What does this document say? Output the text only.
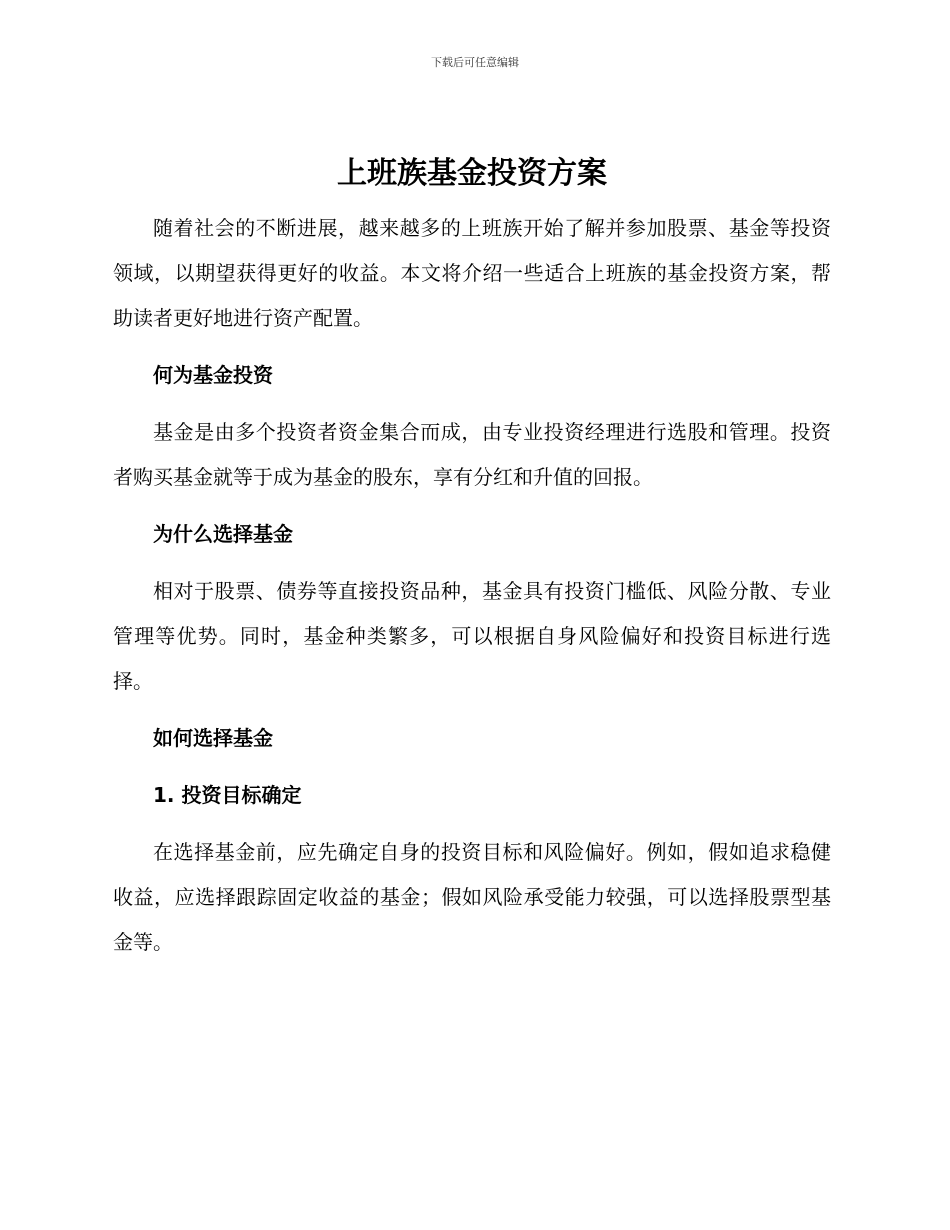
下载后可任意编辑
上班族基金投资方案

随着社会的不断进展，越来越多的上班族开始了解并参加股票、基金等投资领域，以期望获得更好的收益。本文将介绍一些适合上班族的基金投资方案，帮助读者更好地进行资产配置。

何为基金投资

基金是由多个投资者资金集合而成，由专业投资经理进行选股和管理。投资者购买基金就等于成为基金的股东，享有分红和升值的回报。

为什么选择基金

相对于股票、债券等直接投资品种，基金具有投资门槛低、风险分散、专业管理等优势。同时，基金种类繁多，可以根据自身风险偏好和投资目标进行选择。

如何选择基金
1. 投资目标确定

在选择基金前，应先确定自身的投资目标和风险偏好。例如，假如追求稳健收益，应选择跟踪固定收益的基金；假如风险承受能力较强，可以选择股票型基金等。
